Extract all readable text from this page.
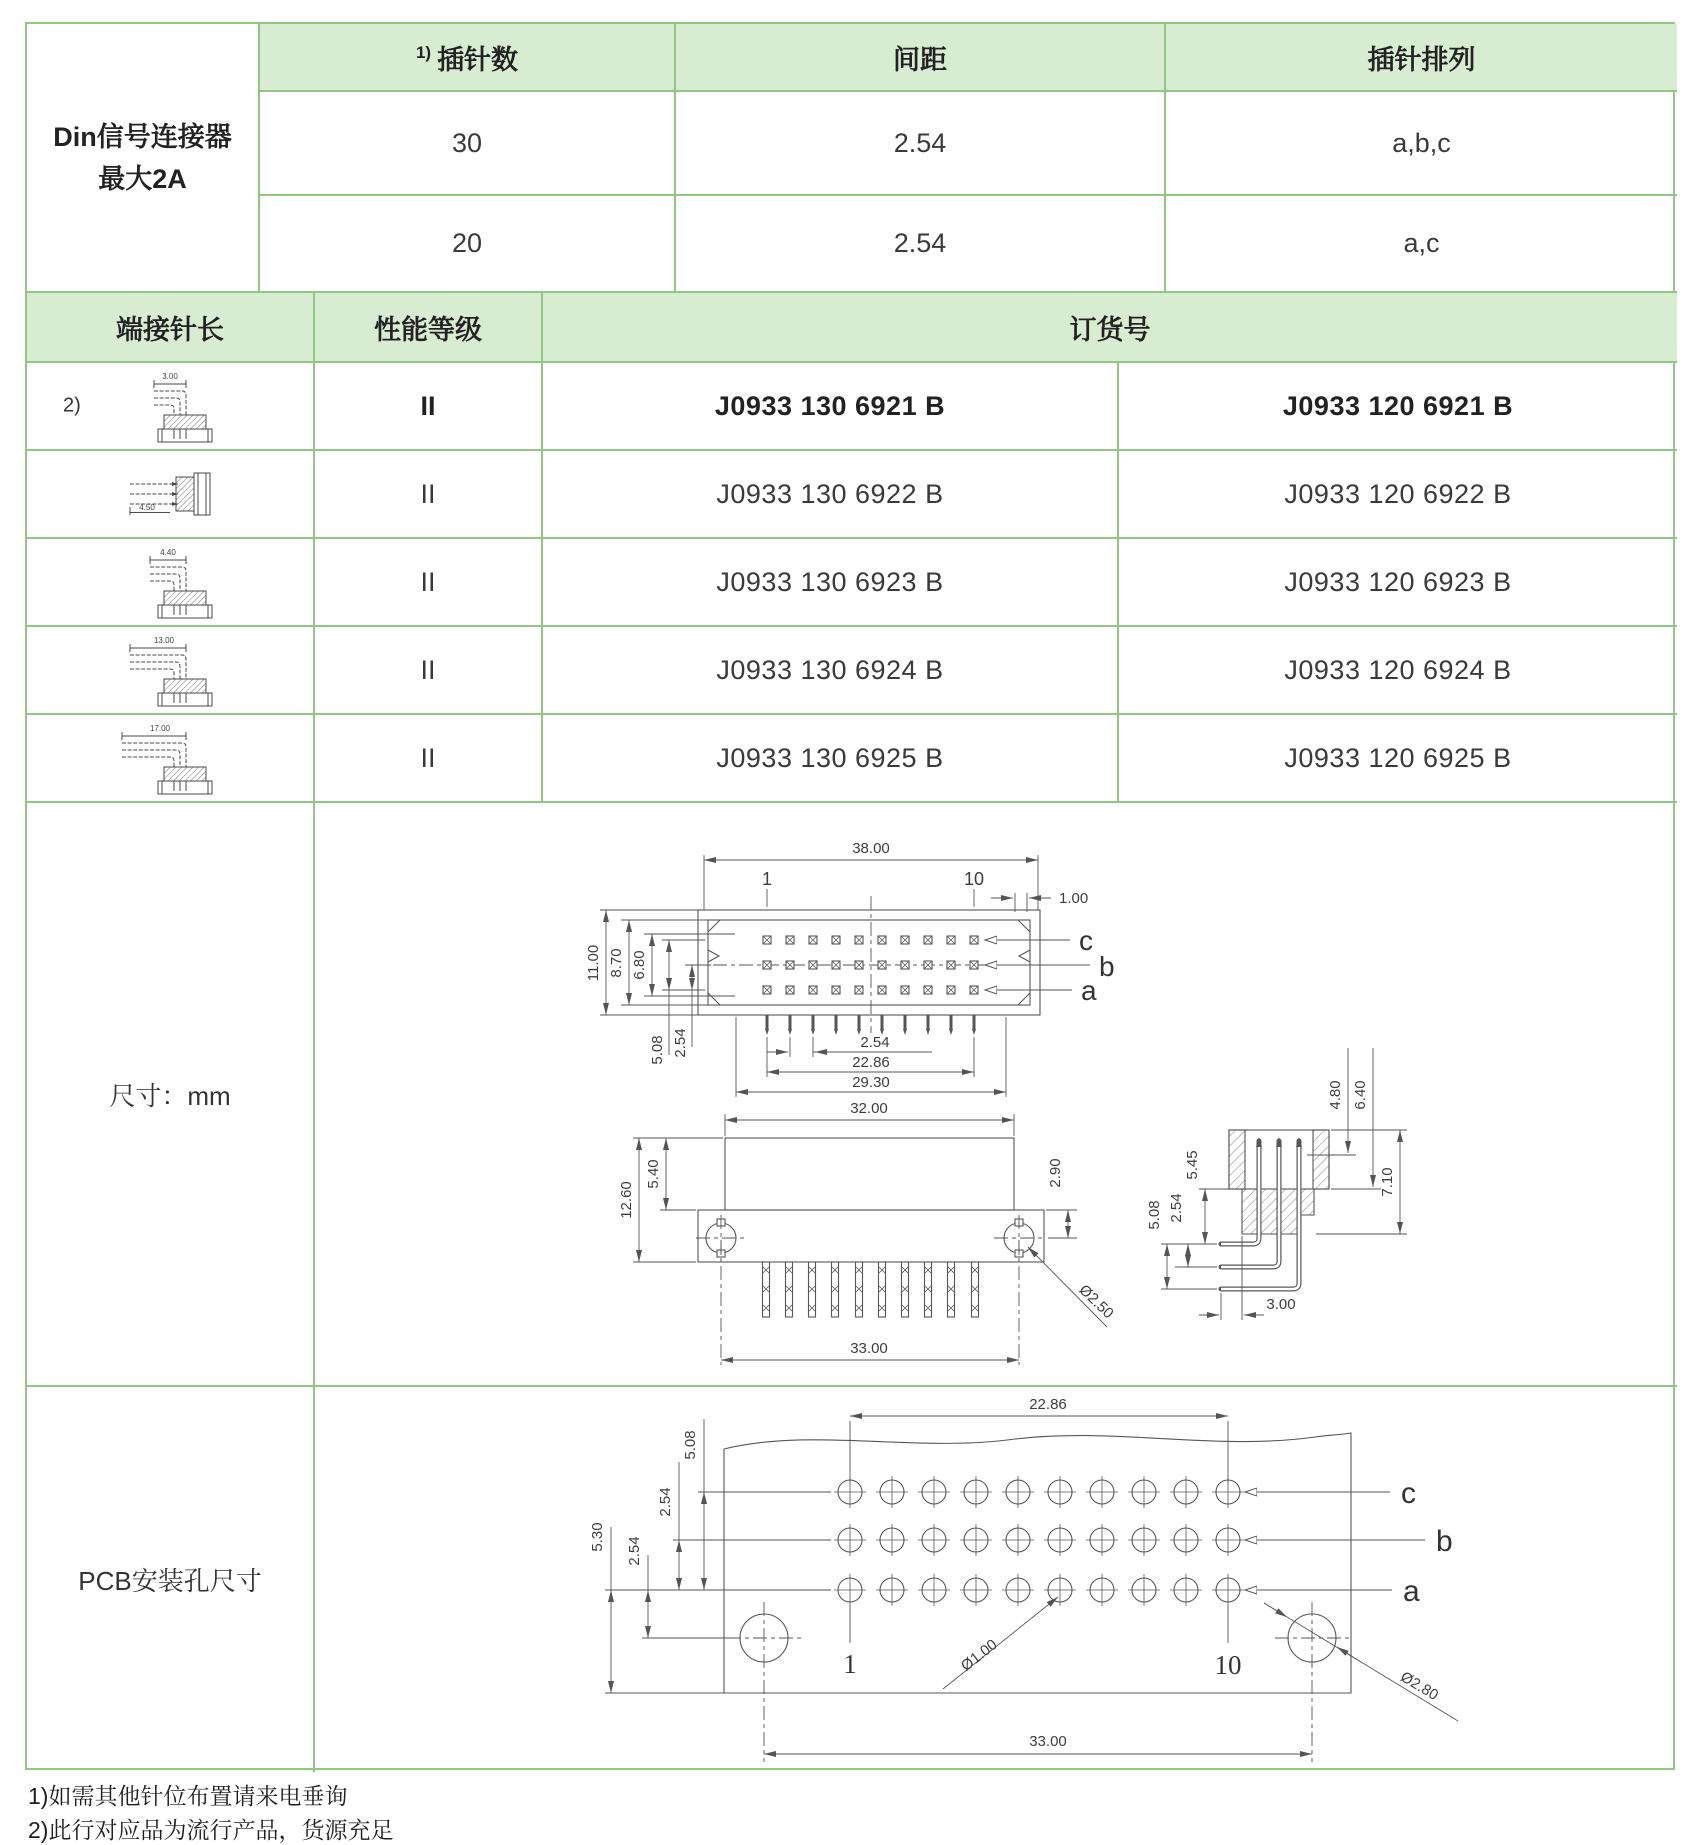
Din信号连接器
最大2A
1) 插针数	间距	插针排列
30	2.54	a,b,c
20	2.54	a,c
端接针长	性能等级	订货号
2)
3.00
II	J0933 130 6921 B	J0933 120 6921 B
4.50	II	J0933 130 6922 B	J0933 120 6922 B
4.40
II	J0933 130 6923 B	J0933 120 6923 B
13.00
II	J0933 130 6924 B	J0933 120 6924 B
17.00
II	J0933 130 6925 B	J0933 120 6925 B
尺寸：mm
38.00
1.00
1	10
c
b
a
11.00 8.70 6.80
5.08 2.54	2.54
22.86
29.30
32.00
5.40
12.60
2.90
Ø2.50
33.00
4.80 6.40
7.10
5.45
5.08 2.54
3.00
PCB安装孔尺寸
22.86
5.08
2.54
5.30 2.54
1	10
Ø1.00
Ø2.80
c
b
a
33.00
1)如需其他针位布置请来电垂询
2)此行对应品为流行产品，货源充足
